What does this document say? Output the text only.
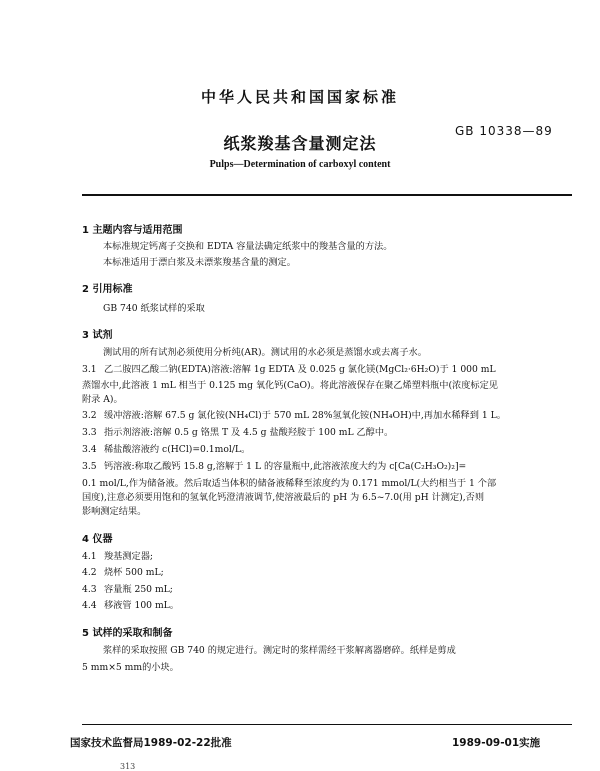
中华人民共和国国家标准
纸浆羧基含量测定法
GB 10338—89
Pulps—Determination of carboxyl content
1 主题内容与适用范围
本标准规定钙离子交换和 EDTA 容量法确定纸浆中的羧基含量的方法。
本标准适用于漂白浆及未漂浆羧基含量的测定。
2 引用标准
GB 740 纸浆试样的采取
3 试剂
测试用的所有试剂必须使用分析纯(AR)。测试用的水必须是蒸馏水或去离子水。
3.1 乙二胺四乙酸二钠(EDTA)溶液:溶解 1g EDTA 及 0.025 g 氯化镁(MgCl₂·6H₂O)于 1 000 mL
蒸馏水中,此溶液 1 mL 相当于 0.125 mg 氧化钙(CaO)。将此溶液保存在聚乙烯塑料瓶中(浓度标定见
附录 A)。
3.2 缓冲溶液:溶解 67.5 g 氯化铵(NH₄Cl)于 570 mL 28%氢氧化铵(NH₄OH)中,再加水稀释到 1 L。
3.3 指示剂溶液:溶解 0.5 g 铬黑 T 及 4.5 g 盐酸羟胺于 100 mL 乙醇中。
3.4 稀盐酸溶液约 c(HCl)=0.1mol/L。
3.5 钙溶液:称取乙酸钙 15.8 g,溶解于 1 L 的容量瓶中,此溶液浓度大约为 c[Ca(C₂H₃O₂)₂]=
0.1 mol/L,作为储备液。然后取适当体积的储备液稀释至浓度约为 0.171 mmol/L(大约相当于 1 个部
国度),注意必须要用饱和的氢氧化钙澄清液调节,使溶液最后的 pH 为 6.5~7.0(用 pH 计测定),否则
影响测定结果。
4 仪器
4.1 羧基测定器;
4.2 烧杯 500 mL;
4.3 容量瓶 250 mL;
4.4 移液管 100 mL。
5 试样的采取和制备
浆样的采取按照 GB 740 的规定进行。测定时的浆样需经干浆解离器磨碎。纸样是剪成
5 mm×5 mm的小块。
国家技术监督局1989-02-22批准	1989-09-01实施
313
